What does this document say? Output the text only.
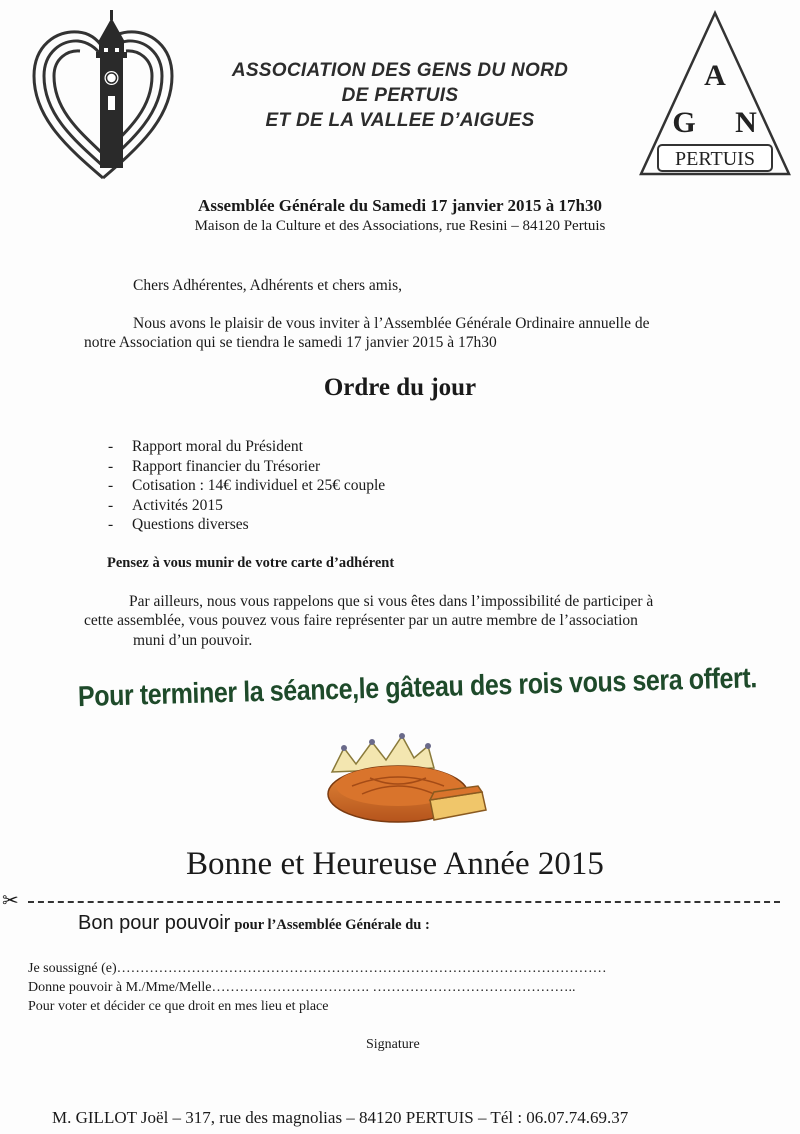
A
G N
PERTUIS
ASSOCIATION DES GENS DU NORD
DE PERTUIS
ET DE LA VALLEE D’AIGUES
Assemblée Générale du Samedi 17 janvier 2015 à 17h30
Maison de la Culture et des Associations, rue Resini – 84120 Pertuis
Chers Adhérentes, Adhérents et chers amis,
Nous avons le plaisir de vous inviter à l’Assemblée Générale Ordinaire annuelle de
notre Association qui se tiendra le samedi 17 janvier 2015 à 17h30
Ordre du jour
- Rapport moral du Président
- Rapport financier du Trésorier
- Cotisation : 14€ individuel et 25€ couple
- Activités 2015
- Questions diverses
Pensez à vous munir de votre carte d’adhérent
Par ailleurs, nous vous rappelons que si vous êtes dans l’impossibilité de participer à
cette assemblée, vous pouvez vous faire représenter par un autre membre de l’association
muni d’un pouvoir.
Pour terminer la séance,le gâteau des rois vous sera offert.
Bonne et Heureuse Année 2015
✂
Bon pour pouvoir pour l’Assemblée Générale du :
Je soussigné (e)……………………………………………………………………………………………
Donne pouvoir à M./Mme/Melle……………………………. ……………………………………..
Pour voter et décider ce que droit en mes lieu et place
Signature
M. GILLOT Joël – 317, rue des magnolias – 84120 PERTUIS – Tél : 06.07.74.69.37
